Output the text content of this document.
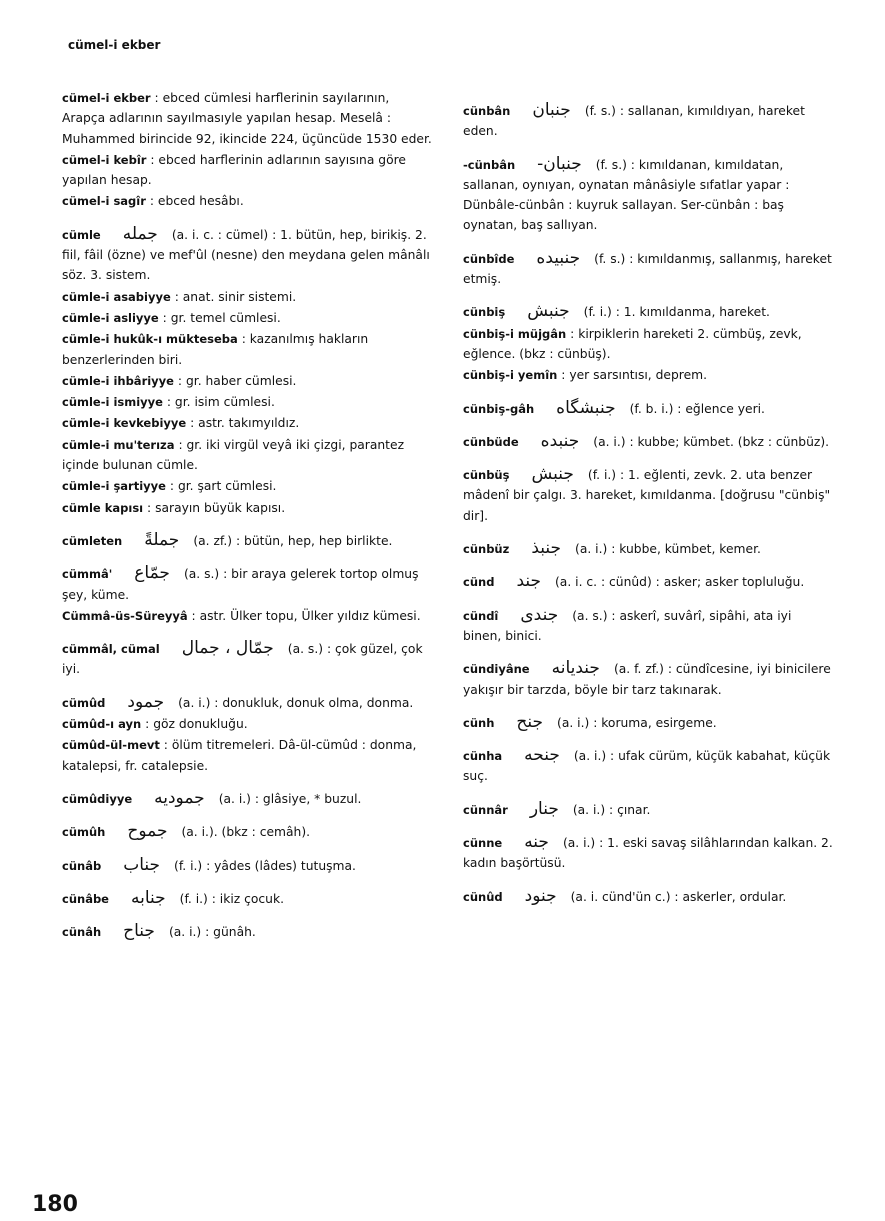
cümel-i ekber
cümel-i ekber : ebced cümlesi harflerinin sayılarının, Arapça adlarının sayılmasıyle yapılan hesap. Meselâ : Muhammed birincide 92, ikincide 224, üçüncüde 1530 eder.
cümel-i kebîr : ebced harflerinin adlarının sayısına göre yapılan hesap.
cümel-i sagîr : ebced hesâbı.
cümle جمله (a. i. c. : cümel) : 1. bütün, hep, birikiş. 2. fiil, fâil (özne) ve mef'ûl (nesne) den meydana gelen mânâlı söz. 3. sistem.
cümle-i asabiyye : anat. sinir sistemi.
cümle-i asliyye : gr. temel cümlesi.
cümle-i hukûk-ı mükteseba : kazanılmış hakların benzerlerinden biri.
cümle-i ihbâriyye : gr. haber cümlesi.
cümle-i ismiyye : gr. isim cümlesi.
cümle-i kevkebiyye : astr. takımyıldız.
cümle-i mu'terıza : gr. iki virgül veyâ iki çizgi, parantez içinde bulunan cümle.
cümle-i şartiyye : gr. şart cümlesi.
cümle kapısı : sarayın büyük kapısı.
cümleten جملةً (a. zf.) : bütün, hep, hep birlikte.
cümmâ' جمّاع (a. s.) : bir araya gelerek tortop olmuş şey, küme.
Cümmâ-üs-Süreyyâ : astr. Ülker topu, Ülker yıldız kümesi.
cümmâl, cümal جمّال ، جمال (a. s.) : çok güzel, çok iyi.
cümûd جمود (a. i.) : donukluk, donuk olma, donma.
cümûd-ı ayn : göz donukluğu.
cümûd-ül-mevt : ölüm titremeleri. Dâ-ül-cümûd : donma, katalepsi, fr. catalepsie.
cümûdiyye جموديه (a. i.) : glâsiye, * buzul.
cümûh جموح (a. i.). (bkz : cemâh).
cünâb جناب (f. i.) : yâdes (lâdes) tutuşma.
cünâbe جنابه (f. i.) : ikiz çocuk.
cünâh جناح (a. i.) : günâh.
cünbân جنبان (f. s.) : sallanan, kımıldıyan, hareket eden.
-cünbân -جنبان (f. s.) : kımıldanan, kımıldatan, sallanan, oynıyan, oynatan mânâsiyle sıfatlar yapar : Dünbâle-cünbân : kuyruk sallayan. Ser-cünbân : baş oynatan, baş sallıyan.
cünbîde جنبيده (f. s.) : kımıldanmış, sallanmış, hareket etmiş.
cünbiş جنبش (f. i.) : 1. kımıldanma, hareket.
cünbiş-i müjgân : kirpiklerin hareketi 2. cümbüş, zevk, eğlence. (bkz : cünbüş).
cünbiş-i yemîn : yer sarsıntısı, deprem.
cünbiş-gâh جنبشگاه (f. b. i.) : eğlence yeri.
cünbüde جنبده (a. i.) : kubbe; kümbet. (bkz : cünbüz).
cünbüş جنبش (f. i.) : 1. eğlenti, zevk. 2. uta benzer mâdenî bir çalgı. 3. hareket, kımıldanma. [doğrusu "cünbiş" dir].
cünbüz جنبذ (a. i.) : kubbe, kümbet, kemer.
cünd جند (a. i. c. : cünûd) : asker; asker topluluğu.
cündî جندى (a. s.) : askerî, suvârî, sipâhi, ata iyi binen, binici.
cündiyâne جنديانه (a. f. zf.) : cündîcesine, iyi binicilere yakışır bir tarzda, böyle bir tarz takınarak.
cünh جنح (a. i.) : koruma, esirgeme.
cünha جنحه (a. i.) : ufak cürüm, küçük kabahat, küçük suç.
cünnâr جنار (a. i.) : çınar.
cünne جنه (a. i.) : 1. eski savaş silâhlarından kalkan. 2. kadın başörtüsü.
cünûd جنود (a. i. cünd'ün c.) : askerler, ordular.
180
